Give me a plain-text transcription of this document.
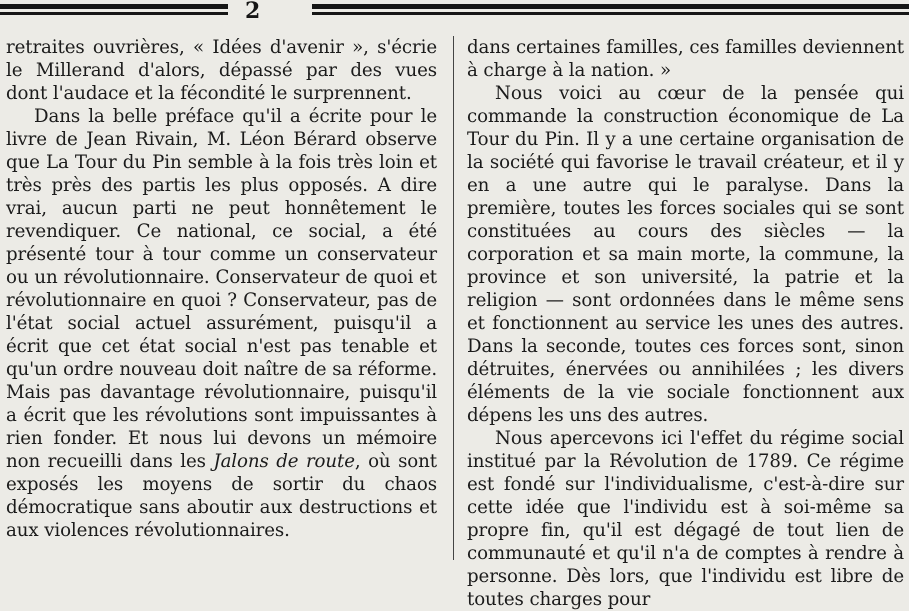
2

retraites ouvrières, « Idées d'avenir », s'écrie le Millerand d'alors, dépassé par des vues dont l'audace et la fécondité le surprennent.

Dans la belle préface qu'il a écrite pour le livre de Jean Rivain, M. Léon Bérard observe que La Tour du Pin semble à la fois très loin et très près des partis les plus opposés. A dire vrai, aucun parti ne peut honnêtement le revendiquer. Ce national, ce social, a été présenté tour à tour comme un conservateur ou un révolutionnaire. Conservateur de quoi et révolutionnaire en quoi ? Conservateur, pas de l'état social actuel assurément, puisqu'il a écrit que cet état social n'est pas tenable et qu'un ordre nouveau doit naître de sa réforme. Mais pas davantage révolutionnaire, puisqu'il a écrit que les révolutions sont impuissantes à rien fonder. Et nous lui devons un mémoire non recueilli dans les Jalons de route, où sont exposés les moyens de sortir du chaos démocratique sans aboutir aux destructions et aux violences révolutionnaires.

dans certaines familles, ces familles deviennent à charge à la nation. »

Nous voici au cœur de la pensée qui commande la construction économique de La Tour du Pin. Il y a une certaine organisation de la société qui favorise le travail créateur, et il y en a une autre qui le paralyse. Dans la première, toutes les forces sociales qui se sont constituées au cours des siècles — la corporation et sa main morte, la commune, la province et son université, la patrie et la religion — sont ordonnées dans le même sens et fonctionnent au service les unes des autres. Dans la seconde, toutes ces forces sont, sinon détruites, énervées ou annihilées ; les divers éléments de la vie sociale fonctionnent aux dépens les uns des autres.

Nous apercevons ici l'effet du régime social institué par la Révolution de 1789. Ce régime est fondé sur l'individualisme, c'est-à-dire sur cette idée que l'individu est à soi-même sa propre fin, qu'il est dégagé de tout lien de communauté et qu'il n'a de comptes à rendre à personne. Dès lors, que l'individu est libre de toutes charges pour
